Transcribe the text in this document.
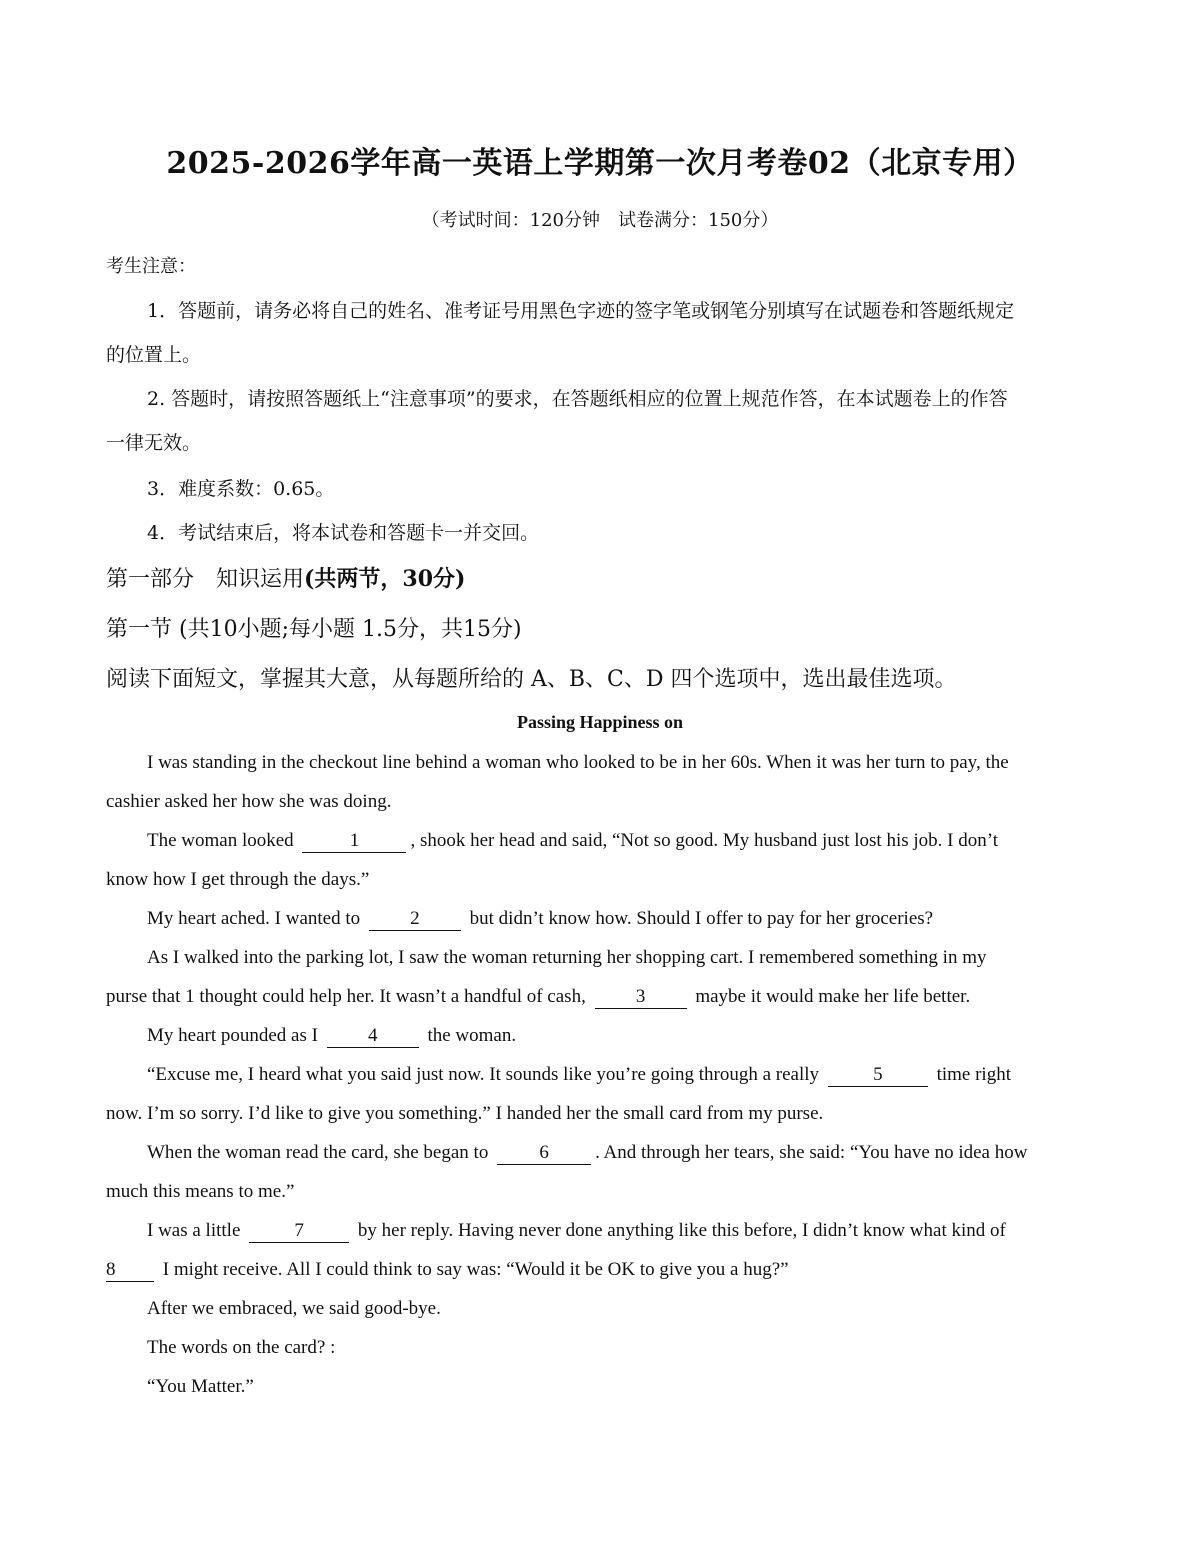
2025-2026学年高一英语上学期第一次月考卷02（北京专用）
（考试时间：120分钟　试卷满分：150分）
考生注意：
1．答题前，请务必将自己的姓名、准考证号用黑色字迹的签字笔或钢笔分别填写在试题卷和答题纸规定
的位置上。
2. 答题时，请按照答题纸上“注意事项”的要求，在答题纸相应的位置上规范作答，在本试题卷上的作答
一律无效。
3．难度系数：0.65。
4．考试结束后，将本试卷和答题卡一并交回。
第一部分　知识运用(共两节，30分)
第一节 (共10小题;每小题 1.5分，共15分)
阅读下面短文，掌握其大意，从每题所给的 A、B、C、D 四个选项中，选出最佳选项。
Passing Happiness on
I was standing in the checkout line behind a woman who looked to be in her 60s. When it was her turn to pay, the
cashier asked her how she was doing.
The woman looked	1	, shook her head and said, “Not so good. My husband just lost his job. I don’t
know how I get through the days.”
My heart ached. I wanted to	2	but didn’t know how. Should I offer to pay for her groceries?
As I walked into the parking lot, I saw the woman returning her shopping cart. I remembered something in my
purse that 1 thought could help her. It wasn’t a handful of cash,	3	maybe it would make her life better.
My heart pounded as I	4	the woman.
“Excuse me, I heard what you said just now. It sounds like you’re going through a really	5	time right
now. I’m so sorry. I’d like to give you something.” I handed her the small card from my purse.
When the woman read the card, she began to	6 . And through her tears, she said: “You have no idea how
much this means to me.”
I was a little	7	by her reply. Having never done anything like this before, I didn’t know what kind of
8 I might receive. All I could think to say was: “Would it be OK to give you a hug?”
After we embraced, we said good-bye.
The words on the card? :
“You Matter.”
